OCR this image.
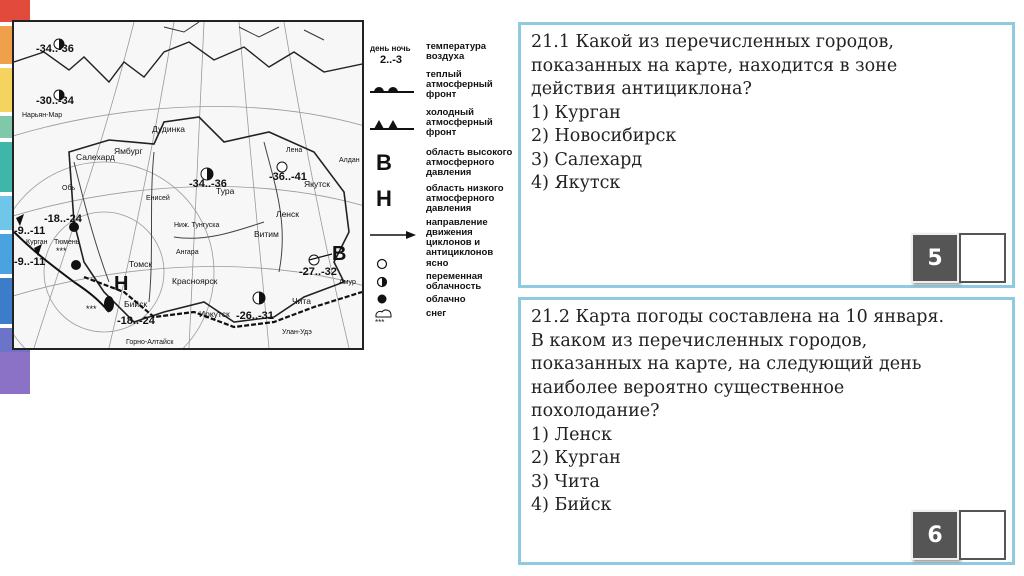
***
***
-34..-36
-30..-34
-34..-36
-36..-41
-18..-24
-9..-11
-9..-11
-18..-24	-26..-31
-27..-32
Н
В
Салехард
Дудинка
Ямбург
Тура
Якутск
Ленск
Витим
Томск
Красноярск
Бийск
Иркутск
Чита
Улан-Удэ
Горно-Алтайск
Курган Тюмень
Нарьян-Мар
Алдан
Амур
Лена
Ангара
Обь
Енисей
Ниж. Тунгуска
день ночь
2..-3
температура воздуха
теплый атмосферный фронт
холодный атмосферный фронт
В	область высокого атмосферного давления
Н	область низкого атмосферного давления
направление движения циклонов и антициклонов
ясно
переменная облачность
облачно
***
снег
21.1 Какой из перечисленных городов,
показанных на карте, находится в зоне
действия антициклона?
1) Курган
2) Новосибирск
3) Салехард
4) Якутск
5
21.2 Карта погоды составлена на 10 января.
В каком из перечисленных городов,
показанных на карте, на следующий день
наиболее вероятно существенное
похолодание?
1) Ленск
2) Курган
3) Чита
4) Бийск
6
